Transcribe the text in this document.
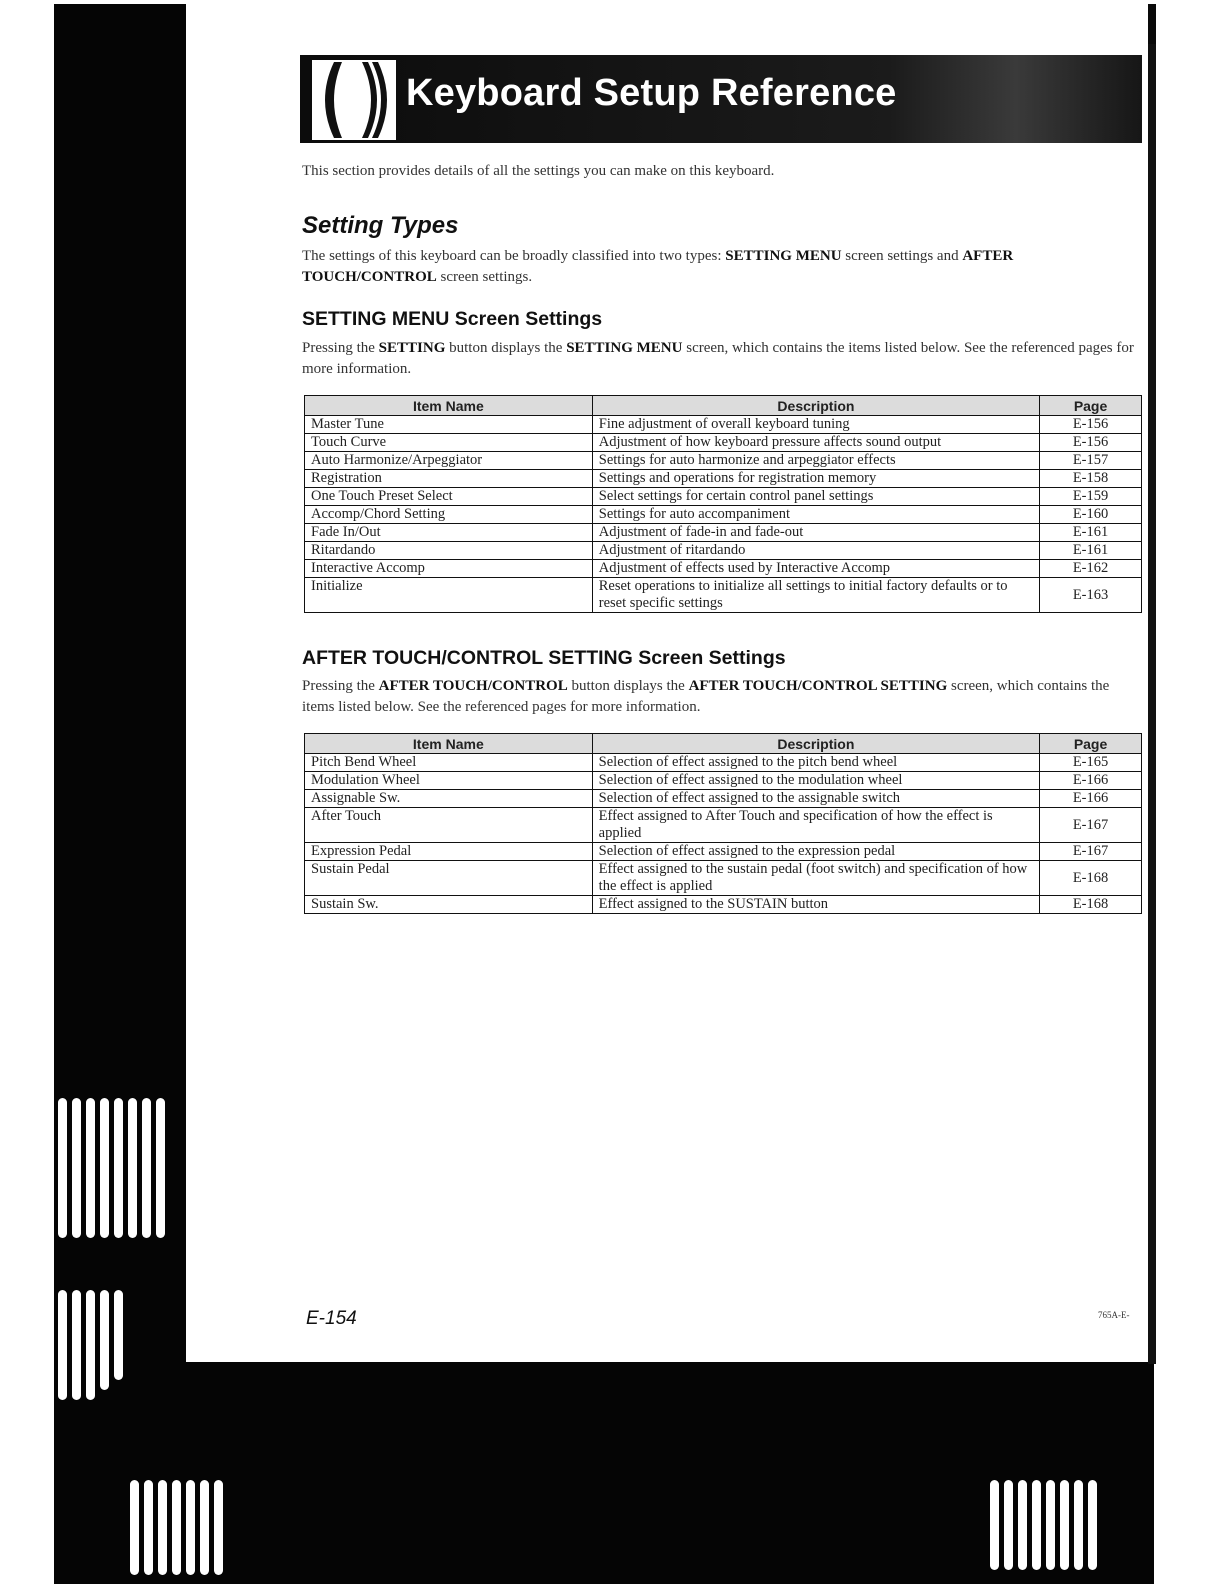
Keyboard Setup Reference
This section provides details of all the settings you can make on this keyboard.
Setting Types
The settings of this keyboard can be broadly classified into two types: SETTING MENU screen settings and AFTER TOUCH/CONTROL screen settings.
SETTING MENU Screen Settings
Pressing the SETTING button displays the SETTING MENU screen, which contains the items listed below. See the referenced pages for more information.
Item Name	Description	Page
Master Tune	Fine adjustment of overall keyboard tuning	E-156
Touch Curve	Adjustment of how keyboard pressure affects sound output	E-156
Auto Harmonize/Arpeggiator	Settings for auto harmonize and arpeggiator effects	E-157
Registration	Settings and operations for registration memory	E-158
One Touch Preset Select	Select settings for certain control panel settings	E-159
Accomp/Chord Setting	Settings for auto accompaniment	E-160
Fade In/Out	Adjustment of fade-in and fade-out	E-161
Ritardando	Adjustment of ritardando	E-161
Interactive Accomp	Adjustment of effects used by Interactive Accomp	E-162
Initialize	Reset operations to initialize all settings to initial factory defaults or to reset specific settings	E-163
AFTER TOUCH/CONTROL SETTING Screen Settings
Pressing the AFTER TOUCH/CONTROL button displays the AFTER TOUCH/CONTROL SETTING screen, which contains the items listed below. See the referenced pages for more information.
Item Name	Description	Page
Pitch Bend Wheel	Selection of effect assigned to the pitch bend wheel	E-165
Modulation Wheel	Selection of effect assigned to the modulation wheel	E-166
Assignable Sw.	Selection of effect assigned to the assignable switch	E-166
After Touch	Effect assigned to After Touch and specification of how the effect is applied	E-167
Expression Pedal	Selection of effect assigned to the expression pedal	E-167
Sustain Pedal	Effect assigned to the sustain pedal (foot switch) and specification of how the effect is applied	E-168
Sustain Sw.	Effect assigned to the SUSTAIN button	E-168
E-154	765A-E-
